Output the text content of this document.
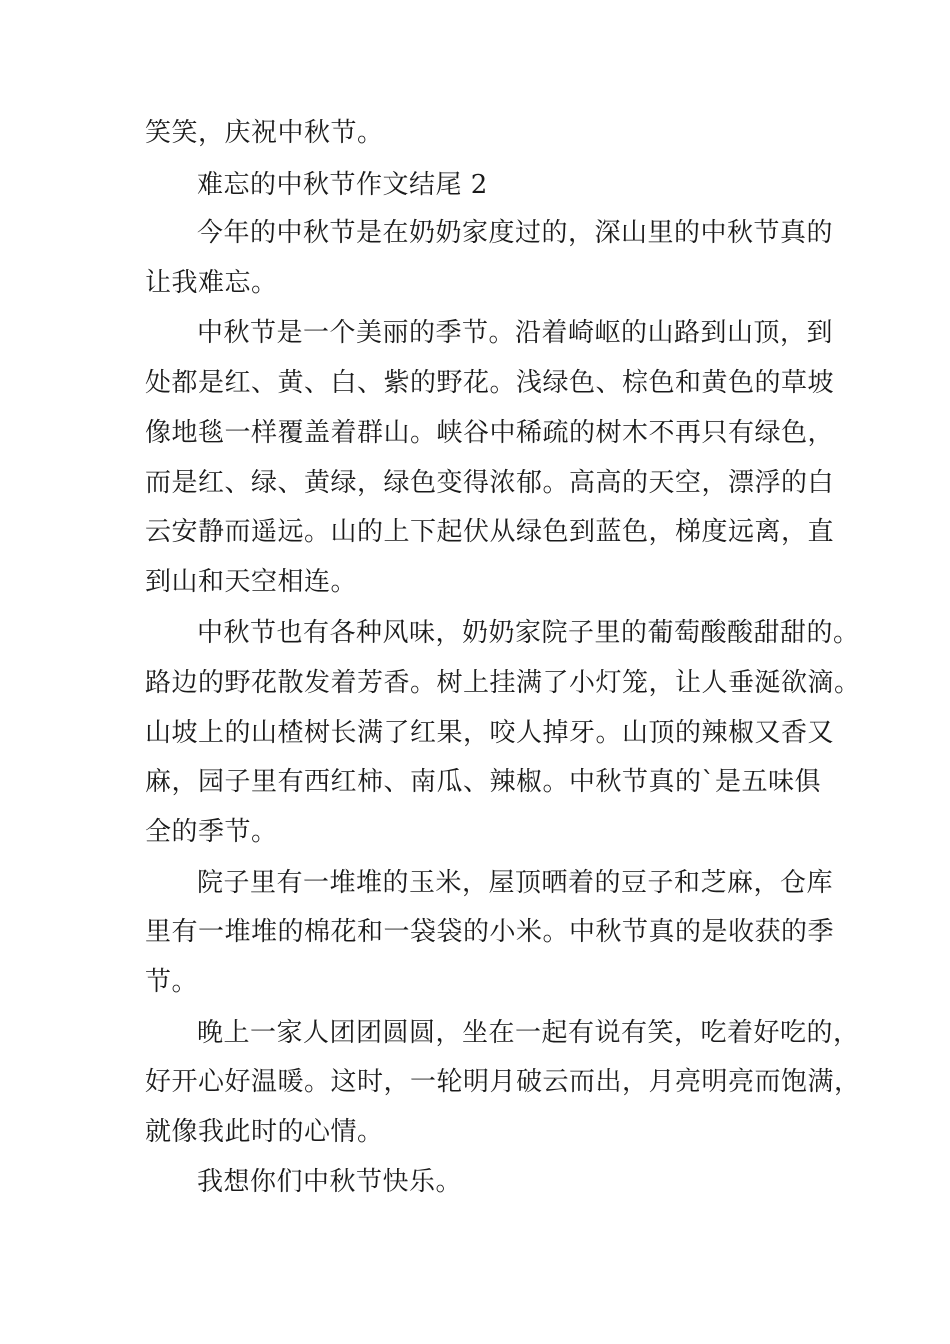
笑笑，庆祝中秋节。
难忘的中秋节作文结尾 2
今年的中秋节是在奶奶家度过的，深山里的中秋节真的
让我难忘。
中秋节是一个美丽的季节。沿着崎岖的山路到山顶，到
处都是红、黄、白、紫的野花。浅绿色、棕色和黄色的草坡
像地毯一样覆盖着群山。峡谷中稀疏的树木不再只有绿色，
而是红、绿、黄绿，绿色变得浓郁。高高的天空，漂浮的白
云安静而遥远。山的上下起伏从绿色到蓝色，梯度远离，直
到山和天空相连。
中秋节也有各种风味，奶奶家院子里的葡萄酸酸甜甜的。
路边的野花散发着芳香。树上挂满了小灯笼，让人垂涎欲滴。
山坡上的山楂树长满了红果，咬人掉牙。山顶的辣椒又香又
麻，园子里有西红柿、南瓜、辣椒。中秋节真的`是五味俱
全的季节。
院子里有一堆堆的玉米，屋顶晒着的豆子和芝麻，仓库
里有一堆堆的棉花和一袋袋的小米。中秋节真的是收获的季
节。
晚上一家人团团圆圆，坐在一起有说有笑，吃着好吃的，
好开心好温暖。这时，一轮明月破云而出，月亮明亮而饱满，
就像我此时的心情。
我想你们中秋节快乐。
